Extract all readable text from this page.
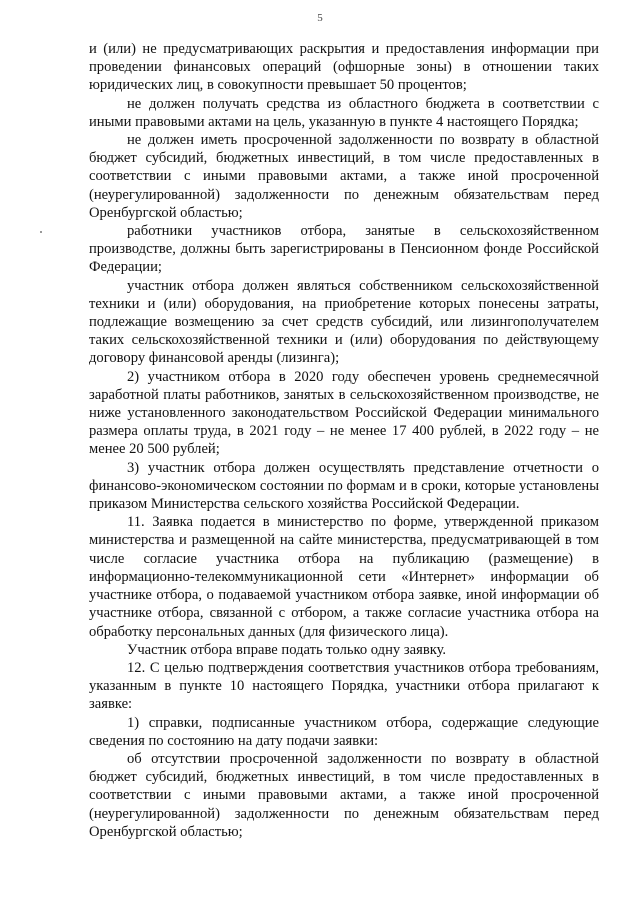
5

и (или) не предусматривающих раскрытия и предоставления информации при проведении финансовых операций (офшорные зоны) в отношении таких юридических лиц, в совокупности превышает 50 процентов;

не должен получать средства из областного бюджета в соответствии с иными правовыми актами на цель, указанную в пункте 4 настоящего Порядка;

не должен иметь просроченной задолженности по возврату в областной бюджет субсидий, бюджетных инвестиций, в том числе предоставленных в соответствии с иными правовыми актами, а также иной просроченной (неурегулированной) задолженности по денежным обязательствам перед Оренбургской областью;

работники участников отбора, занятые в сельскохозяйственном производстве, должны быть зарегистрированы в Пенсионном фонде Российской Федерации;

участник отбора должен являться собственником сельскохозяйственной техники и (или) оборудования, на приобретение которых понесены затраты, подлежащие возмещению за счет средств субсидий, или лизингополучателем таких сельскохозяйственной техники и (или) оборудования по действующему договору финансовой аренды (лизинга);

2) участником отбора в 2020 году обеспечен уровень среднемесячной заработной платы работников, занятых в сельскохозяйственном производстве, не ниже установленного законодательством Российской Федерации минимального размера оплаты труда, в 2021 году – не менее 17 400 рублей, в 2022 году – не менее 20 500 рублей;

3) участник отбора должен осуществлять представление отчетности о финансово-экономическом состоянии по формам и в сроки, которые установлены приказом Министерства сельского хозяйства Российской Федерации.

11. Заявка подается в министерство по форме, утвержденной приказом министерства и размещенной на сайте министерства, предусматривающей в том числе согласие участника отбора на публикацию (размещение) в информационно-телекоммуникационной сети «Интернет» информации об участнике отбора, о подаваемой участником отбора заявке, иной информации об участнике отбора, связанной с отбором, а также согласие участника отбора на обработку персональных данных (для физического лица).

Участник отбора вправе подать только одну заявку.

12. С целью подтверждения соответствия участников отбора требованиям, указанным в пункте 10 настоящего Порядка, участники отбора прилагают к заявке:

1) справки, подписанные участником отбора, содержащие следующие сведения по состоянию на дату подачи заявки:

об отсутствии просроченной задолженности по возврату в областной бюджет субсидий, бюджетных инвестиций, в том числе предоставленных в соответствии с иными правовыми актами, а также иной просроченной (неурегулированной) задолженности по денежным обязательствам перед Оренбургской областью;
